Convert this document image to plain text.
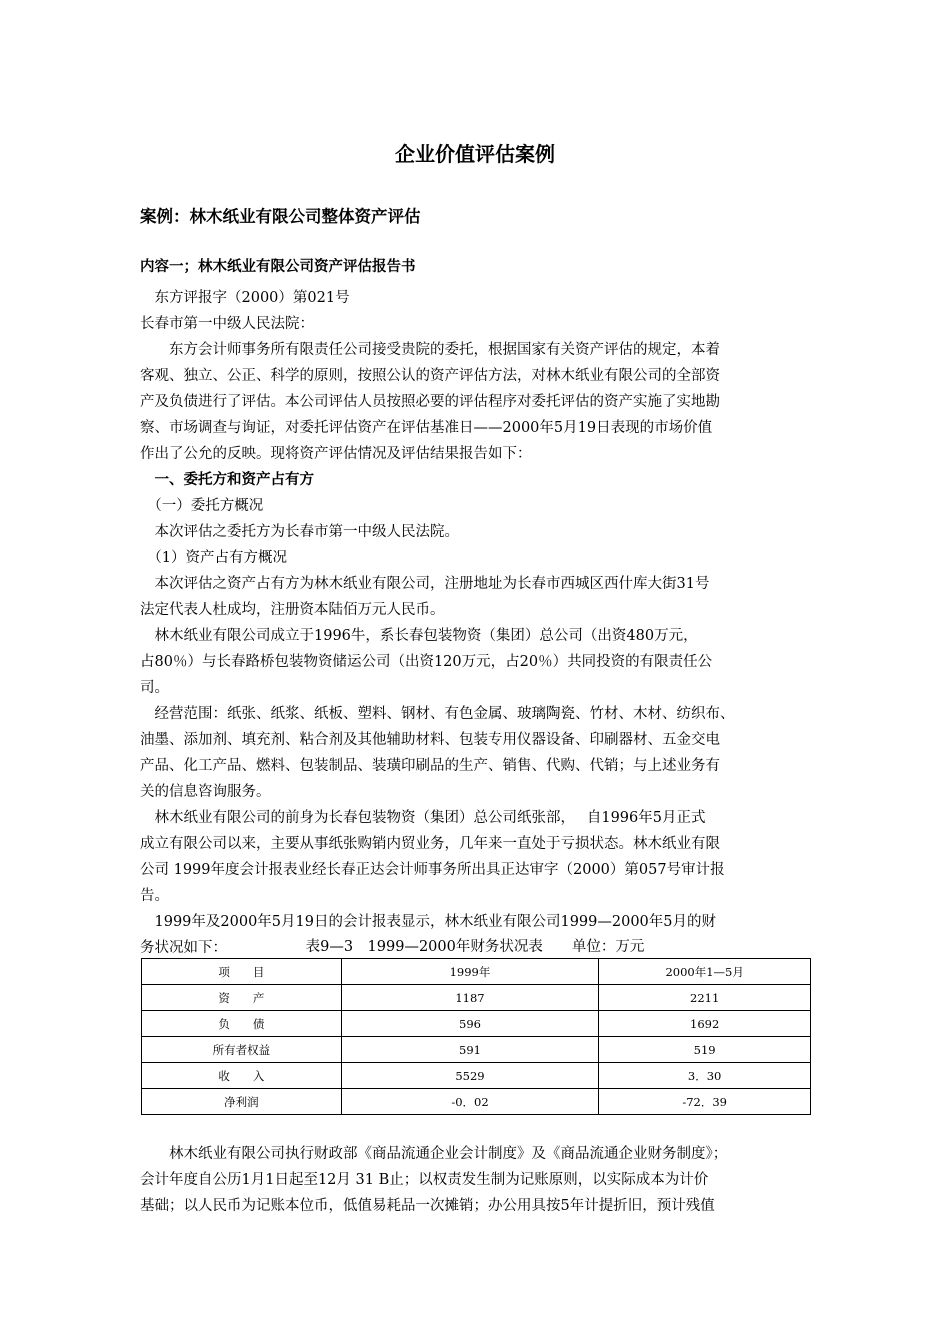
企业价值评估案例
案例：林木纸业有限公司整体资产评估
内容一；林木纸业有限公司资产评估报告书
　东方评报字（2000）第021号
长春市第一中级人民法院：
　　东方会计师事务所有限责任公司接受贵院的委托，根据国家有关资产评估的规定，本着
客观、独立、公正、科学的原则，按照公认的资产评估方法，对林木纸业有限公司的全部资
产及负债进行了评估。本公司评估人员按照必要的评估程序对委托评估的资产实施了实地勘
察、市场调查与询证，对委托评估资产在评估基准日——2000年5月19日表现的市场价值
作出了公允的反映。现将资产评估情况及评估结果报告如下：
　一、委托方和资产占有方
　（一）委托方概况
　本次评估之委托方为长春市第一中级人民法院。
　（1）资产占有方概况
　本次评估之资产占有方为林木纸业有限公司，注册地址为长春市西城区西什库大街31号
法定代表人杜成均，注册资本陆佰万元人民币。
　林木纸业有限公司成立于1996牛，系长春包装物资（集团）总公司（出资480万元，
占80％）与长春路桥包装物资储运公司（出资120万元，占20％）共同投资的有限责任公
司。
　经营范围：纸张、纸浆、纸板、塑料、钢材、有色金属、玻璃陶瓷、竹材、木材、纺织布、
油墨、添加剂、填充剂、粘合剂及其他辅助材料、包装专用仪器设备、印刷器材、五金交电
产品、化工产品、燃料、包装制品、装璜印刷品的生产、销售、代购、代销；与上述业务有
关的信息咨询服务。
　林木纸业有限公司的前身为长春包装物资（集团）总公司纸张部，　 自1996年5月正式
成立有限公司以来，主要从事纸张购销内贸业务，几年来一直处于亏损状态。林木纸业有限
公司 1999年度会计报表业经长春正达会计师事务所出具正达审字（2000）第057号审计报
告。
　1999年及2000年5月19日的会计报表显示，林木纸业有限公司1999—2000年5月的财
务状况如下：	表9—3　1999—2000年财务状况表　　单位：万元
项　　目	1999年	2000年1—5月
资　　产	1187	2211
负　　债	596	1692
所有者权益	591	519
收　　入	5529	3．30
净利润	-0．02	-72．39
　　林木纸业有限公司执行财政部《商品流通企业会计制度》及《商品流通企业财务制度》；
会计年度自公历1月1日起至12月 31 B止；以权责发生制为记账原则，以实际成本为计价
基础；以人民币为记账本位币，低值易耗品一次摊销；办公用具按5年计提折旧，预计残值
